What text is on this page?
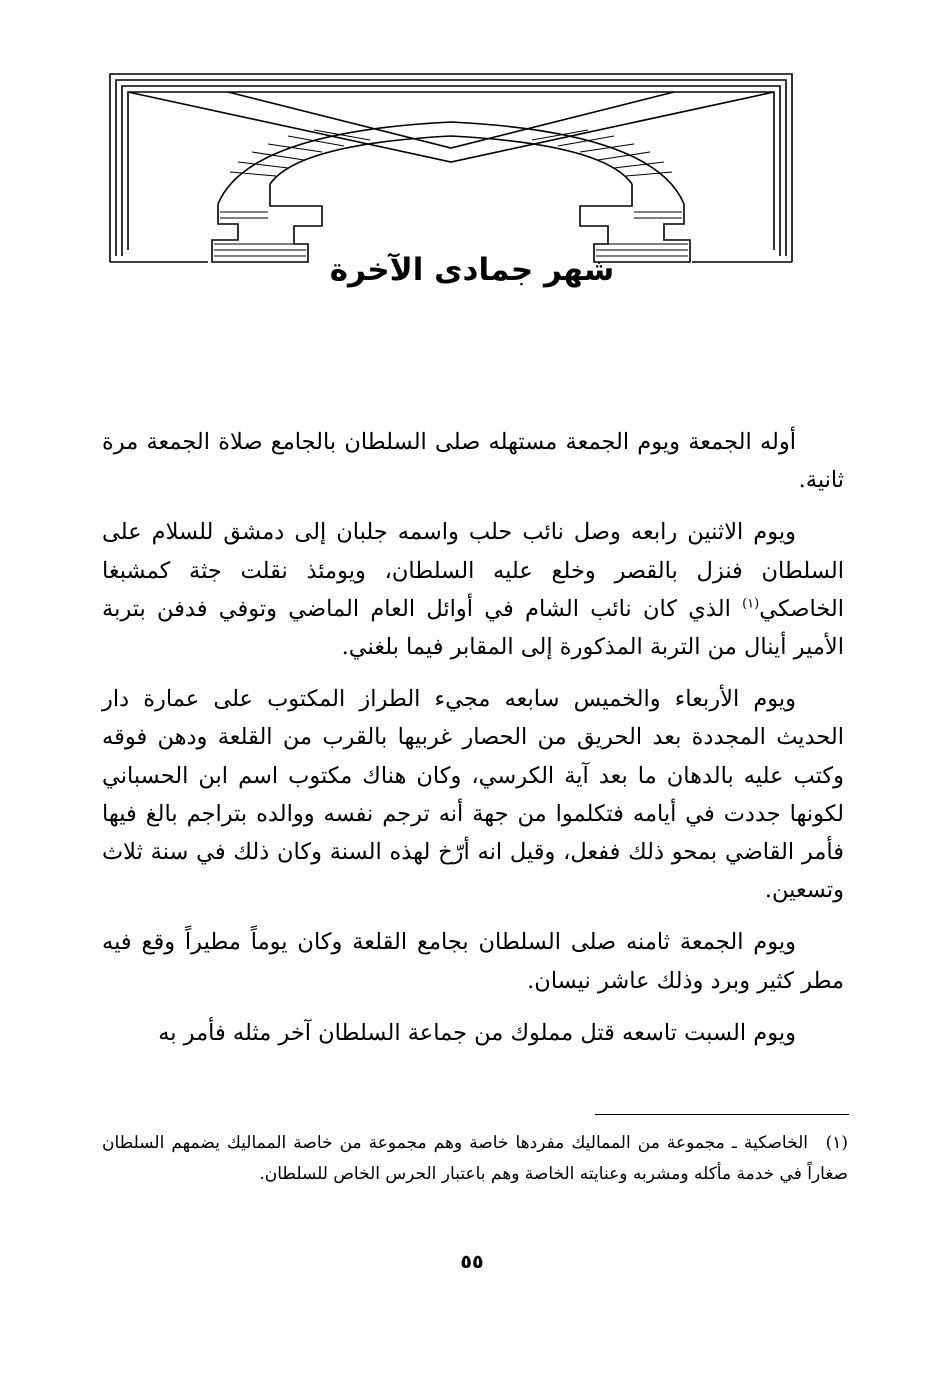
شهر جمادى الآخرة

أوله الجمعة ويوم الجمعة مستهله صلى السلطان بالجامع صلاة الجمعة مرة ثانية.

ويوم الاثنين رابعه وصل نائب حلب واسمه جلبان إلى دمشق للسلام على السلطان فنزل بالقصر وخلع عليه السلطان، ويومئذ نقلت جثة كمشبغا الخاصكي$^{(١)}$ الذي كان نائب الشام في أوائل العام الماضي وتوفي فدفن بتربة الأمير أينال من التربة المذكورة إلى المقابر فيما بلغني.

ويوم الأربعاء والخميس سابعه مجيء الطراز المكتوب على عمارة دار الحديث المجددة بعد الحريق من الحصار غربيها بالقرب من القلعة ودهن فوقه وكتب عليه بالدهان ما بعد آية الكرسي، وكان هناك مكتوب اسم ابن الحسباني لكونها جددت في أيامه فتكلموا من جهة أنه ترجم نفسه ووالده بتراجم بالغ فيها فأمر القاضي بمحو ذلك ففعل، وقيل انه أرّخ لهذه السنة وكان ذلك في سنة ثلاث وتسعين.

ويوم الجمعة ثامنه صلى السلطان بجامع القلعة وكان يوماً مطيراً وقع فيه مطر كثير وبرد وذلك عاشر نيسان.

ويوم السبت تاسعه قتل مملوك من جماعة السلطان آخر مثله فأمر به

(١)الخاصكية ـ مجموعة من المماليك مفردها خاصة وهم مجموعة من خاصة المماليك يضمهم السلطان صغاراً في خدمة مأكله ومشربه وعنايته الخاصة وهم باعتبار الحرس الخاص للسلطان.
٥٥
